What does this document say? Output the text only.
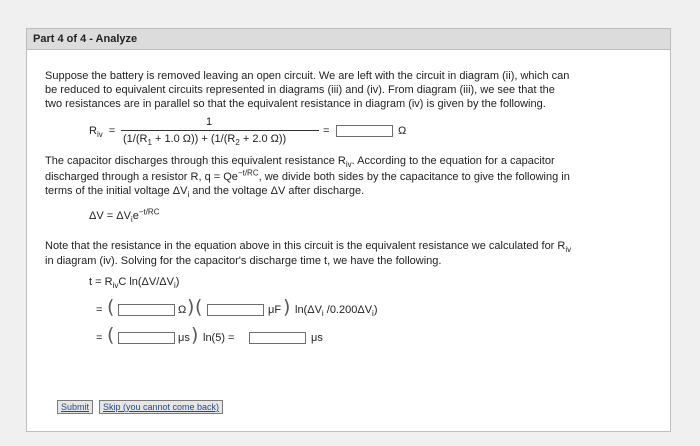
Part 4 of 4 - Analyze
Suppose the battery is removed leaving an open circuit. We are left with the circuit in diagram (ii), which can
be reduced to equivalent circuits represented in diagrams (iii) and (iv). From diagram (iii), we see that the
two resistances are in parallel so that the equivalent resistance in diagram (iv) is given by the following.
$R_{iv}$ =
1
($1/(R_1 + 1.0$ $\Omega)) + (1/(R_2 + 2.0$ Ω))
=	Ω
The capacitor discharges through this equivalent resistance $R_{iv}$. According to the equation for a capacitor
discharged through a resistor R, $q = Qe^{-t/RC}$, we divide both sides by the capacitance to give the following in
terms of the initial voltage $\Delta V_i$ and the voltage ΔV after discharge.
$\Delta V = \Delta V_ie^{-t/RC}$
Note that the resistance in the equation above in this circuit is the equivalent resistance we calculated for $R_{iv}$
in diagram (iv). Solving for the capacitor's discharge time t, we have the following.
$t = R_{iv}C$ $\ln(\Delta V/\Delta V_i)$
= (	Ω ) (	μF ) $\ln(\Delta V_i$ $/0.200\Delta V_i$)
= (	μs ) ln(5) =	μs
Submit	Skip (you cannot come back)
